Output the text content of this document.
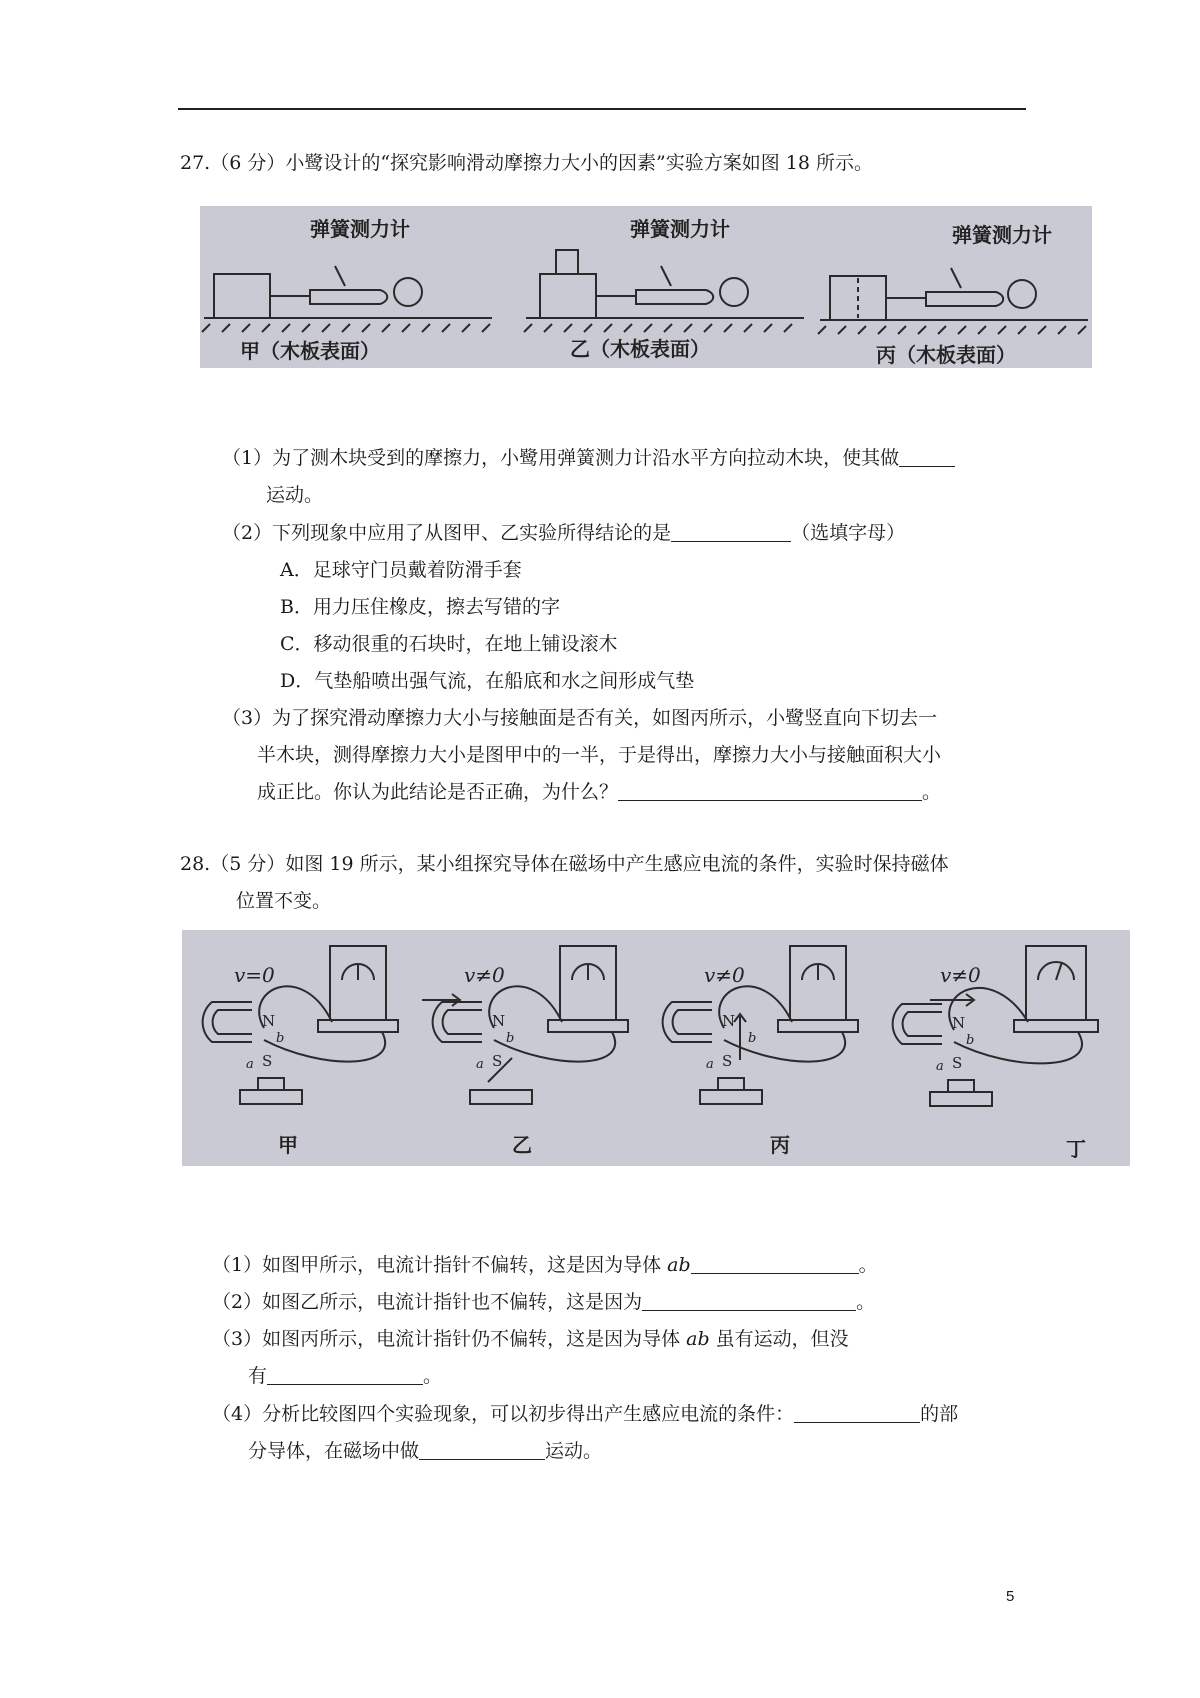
27.（6 分）小鹭设计的“探究影响滑动摩擦力大小的因素”实验方案如图 18 所示。
弹簧测力计	弹簧测力计	弹簧测力计
甲（木板表面）	乙（木板表面）	丙（木板表面）
（1）为了测木块受到的摩擦力，小鹭用弹簧测力计沿水平方向拉动木块，使其做
运动。
（2）下列现象中应用了从图甲、乙实验所得结论的是	（选填字母）
A．足球守门员戴着防滑手套
B．用力压住橡皮，擦去写错的字
C．移动很重的石块时，在地上铺设滚木
D．气垫船喷出强气流，在船底和水之间形成气垫
（3）为了探究滑动摩擦力大小与接触面是否有关，如图丙所示，小鹭竖直向下切去一
半木块，测得摩擦力大小是图甲中的一半，于是得出，摩擦力大小与接触面积大小
成正比。你认为此结论是否正确，为什么？	。
28.（5 分）如图 19 所示，某小组探究导体在磁场中产生感应电流的条件，实验时保持磁体
位置不变。
v=0	v≠0	v≠0	v≠0
N
S
a
b
N
S
a
b
N
S
a
b
N
S
a
b
甲	乙	丙	丁
（1）如图甲所示，电流计指针不偏转，这是因为导体 ab	。
（2）如图乙所示，电流计指针也不偏转，这是因为	。
（3）如图丙所示，电流计指针仍不偏转，这是因为导体 ab 虽有运动，但没
有	。
（4）分析比较图四个实验现象，可以初步得出产生感应电流的条件：	的部
分导体，在磁场中做	运动。
5
